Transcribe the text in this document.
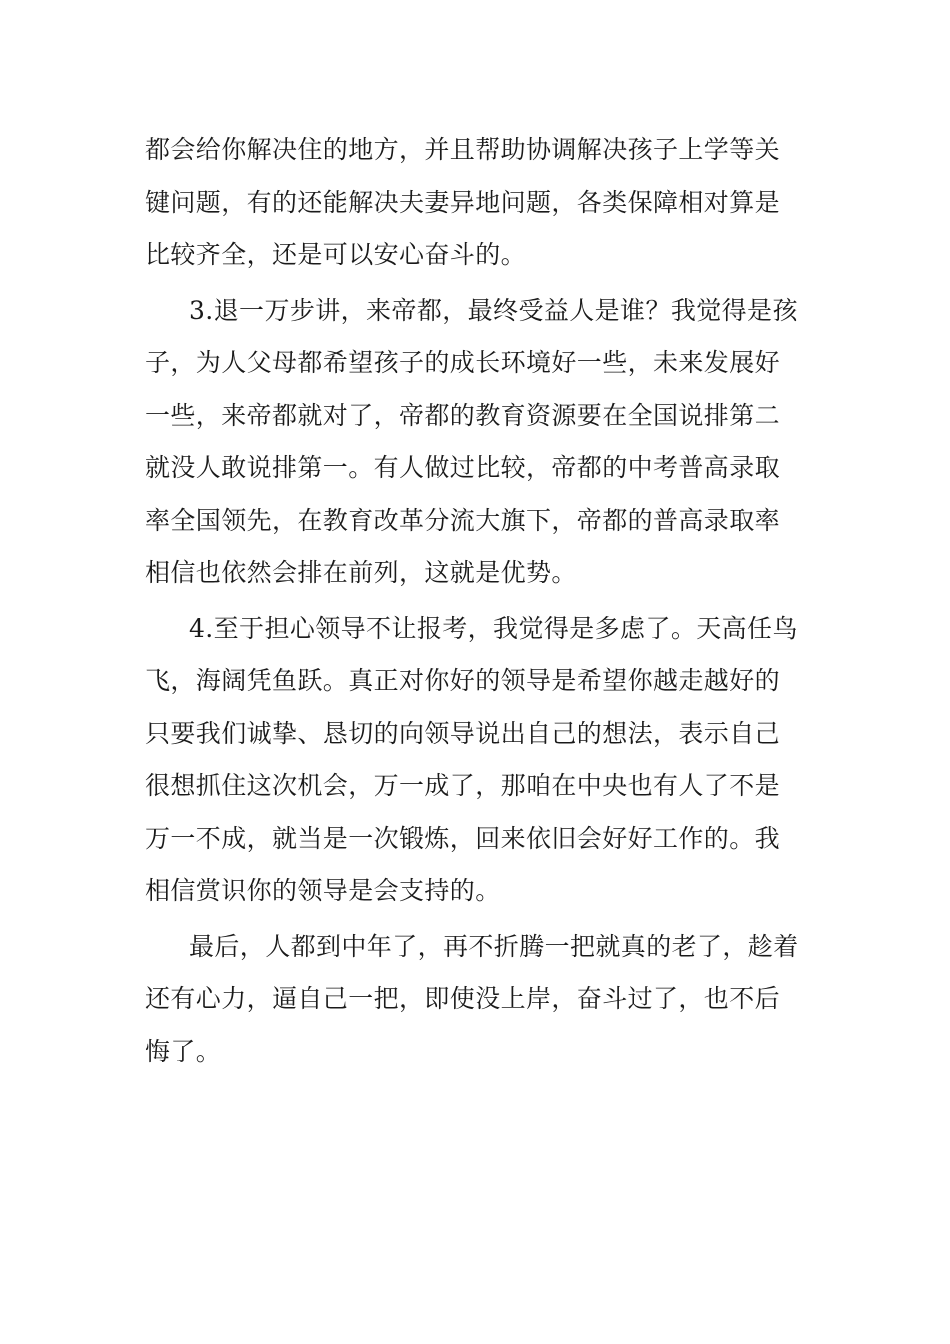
都会给你解决住的地方，并且帮助协调解决孩子上学等关
键问题，有的还能解决夫妻异地问题，各类保障相对算是
比较齐全，还是可以安心奋斗的。
3.退一万步讲，来帝都，最终受益人是谁？我觉得是孩
子，为人父母都希望孩子的成长环境好一些，未来发展好
一些，来帝都就对了，帝都的教育资源要在全国说排第二
就没人敢说排第一。有人做过比较，帝都的中考普高录取
率全国领先，在教育改革分流大旗下，帝都的普高录取率
相信也依然会排在前列，这就是优势。
4.至于担心领导不让报考，我觉得是多虑了。天高任鸟
飞，海阔凭鱼跃。真正对你好的领导是希望你越走越好的
只要我们诚挚、恳切的向领导说出自己的想法，表示自己
很想抓住这次机会，万一成了，那咱在中央也有人了不是
万一不成，就当是一次锻炼，回来依旧会好好工作的。我
相信赏识你的领导是会支持的。
最后，人都到中年了，再不折腾一把就真的老了，趁着
还有心力，逼自己一把，即使没上岸，奋斗过了，也不后
悔了。
